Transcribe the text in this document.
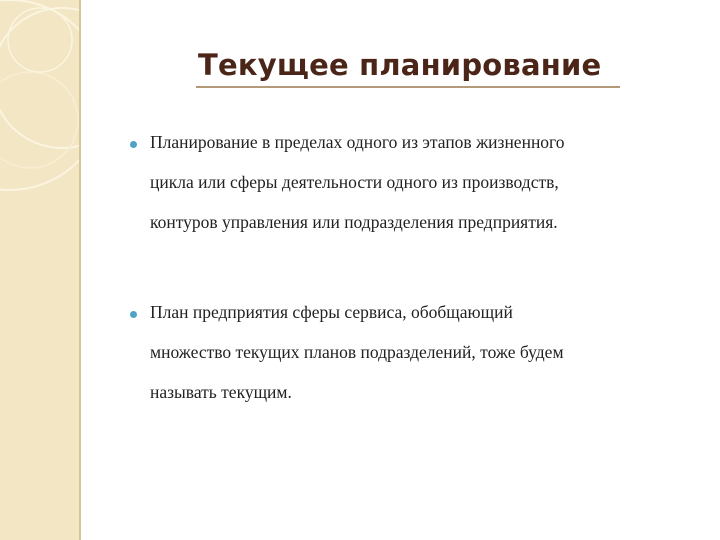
Текущее планирование
Планирование в пределах одного из этапов жизненного
цикла или сферы деятельности одного из производств,
контуров управления или подразделения предприятия.
План предприятия сферы сервиса, обобщающий
множество текущих планов подразделений, тоже будем
называть текущим.
